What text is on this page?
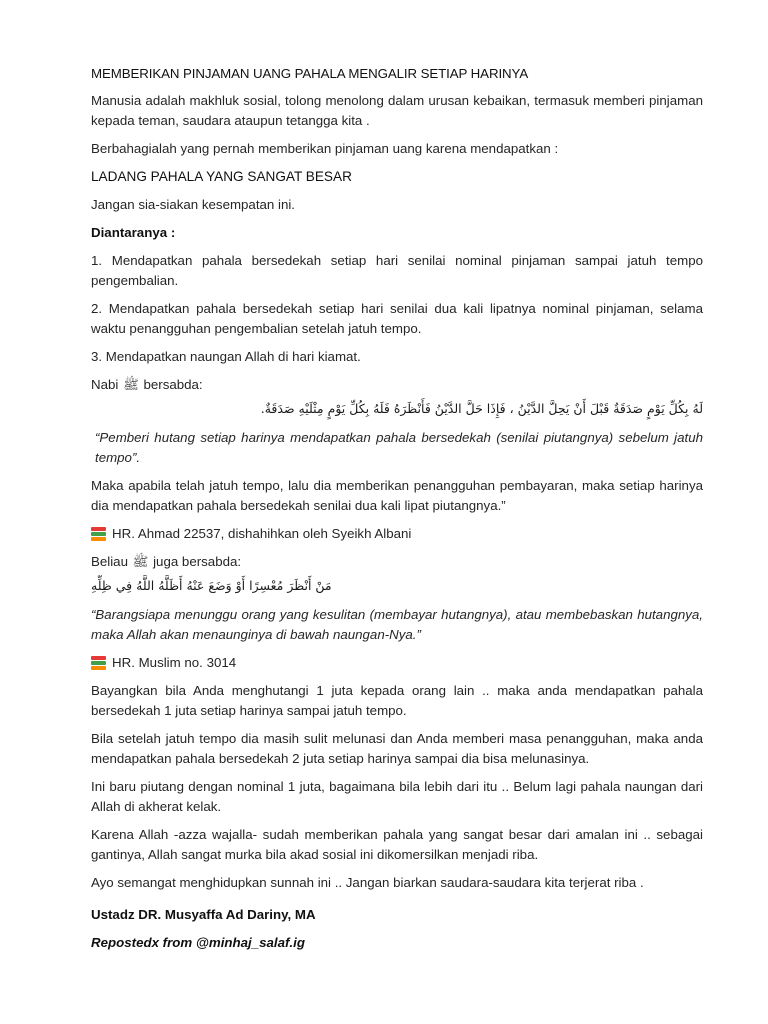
MEMBERIKAN PINJAMAN UANG PAHALA MENGALIR SETIAP HARINYA

Manusia adalah makhluk sosial, tolong menolong dalam urusan kebaikan, termasuk memberi pinjaman kepada teman, saudara ataupun tetangga kita .

Berbahagialah yang pernah memberikan pinjaman uang karena mendapatkan :

LADANG PAHALA YANG SANGAT BESAR

Jangan sia-siakan kesempatan ini.

Diantaranya :

1. Mendapatkan pahala bersedekah setiap hari senilai nominal pinjaman sampai jatuh tempo pengembalian.

2. Mendapatkan pahala bersedekah setiap hari senilai dua kali lipatnya nominal pinjaman, selama waktu penangguhan pengembalian setelah jatuh tempo.

3. Mendapatkan naungan Allah di hari kiamat.

Nabi ﷺ bersabda:

لَهُ بِكُلِّ يَوْمٍ صَدَقَةٌ قَبْلَ أَنْ يَحِلَّ الدَّيْنُ ، فَإِذَا حَلَّ الدَّيْنُ فَأَنْظَرَهُ فَلَهُ بِكُلِّ يَوْمٍ مِثْلَيْهِ صَدَقَةٌ.

“Pemberi hutang setiap harinya mendapatkan pahala bersedekah (senilai piutangnya) sebelum jatuh tempo”.

Maka apabila telah jatuh tempo, lalu dia memberikan penangguhan pembayaran, maka setiap harinya dia mendapatkan pahala bersedekah senilai dua kali lipat piutangnya.”

HR. Ahmad 22537, dishahihkan oleh Syeikh Albani

Beliau ﷺ juga bersabda:

مَنْ أَنْظَرَ مُعْسِرًا أَوْ وَضَعَ عَنْهُ أَظَلَّهُ اللَّهُ فِي ظِلِّهِ

“Barangsiapa menunggu orang yang kesulitan (membayar hutangnya), atau membebaskan hutangnya, maka Allah akan menaunginya di bawah naungan-Nya.”

HR. Muslim no. 3014

Bayangkan bila Anda menghutangi 1 juta kepada orang lain .. maka anda mendapatkan pahala bersedekah 1 juta setiap harinya sampai jatuh tempo.

Bila setelah jatuh tempo dia masih sulit melunasi dan Anda memberi masa penangguhan, maka anda mendapatkan pahala bersedekah 2 juta setiap harinya sampai dia bisa melunasinya.

Ini baru piutang dengan nominal 1 juta, bagaimana bila lebih dari itu .. Belum lagi pahala naungan dari Allah di akherat kelak.

Karena Allah -azza wajalla- sudah memberikan pahala yang sangat besar dari amalan ini .. sebagai gantinya, Allah sangat murka bila akad sosial ini dikomersilkan menjadi riba.

Ayo semangat menghidupkan sunnah ini .. Jangan biarkan saudara-saudara kita terjerat riba .

Ustadz DR. Musyaffa Ad Dariny, MA

Repostedx from @minhaj_salaf.ig
